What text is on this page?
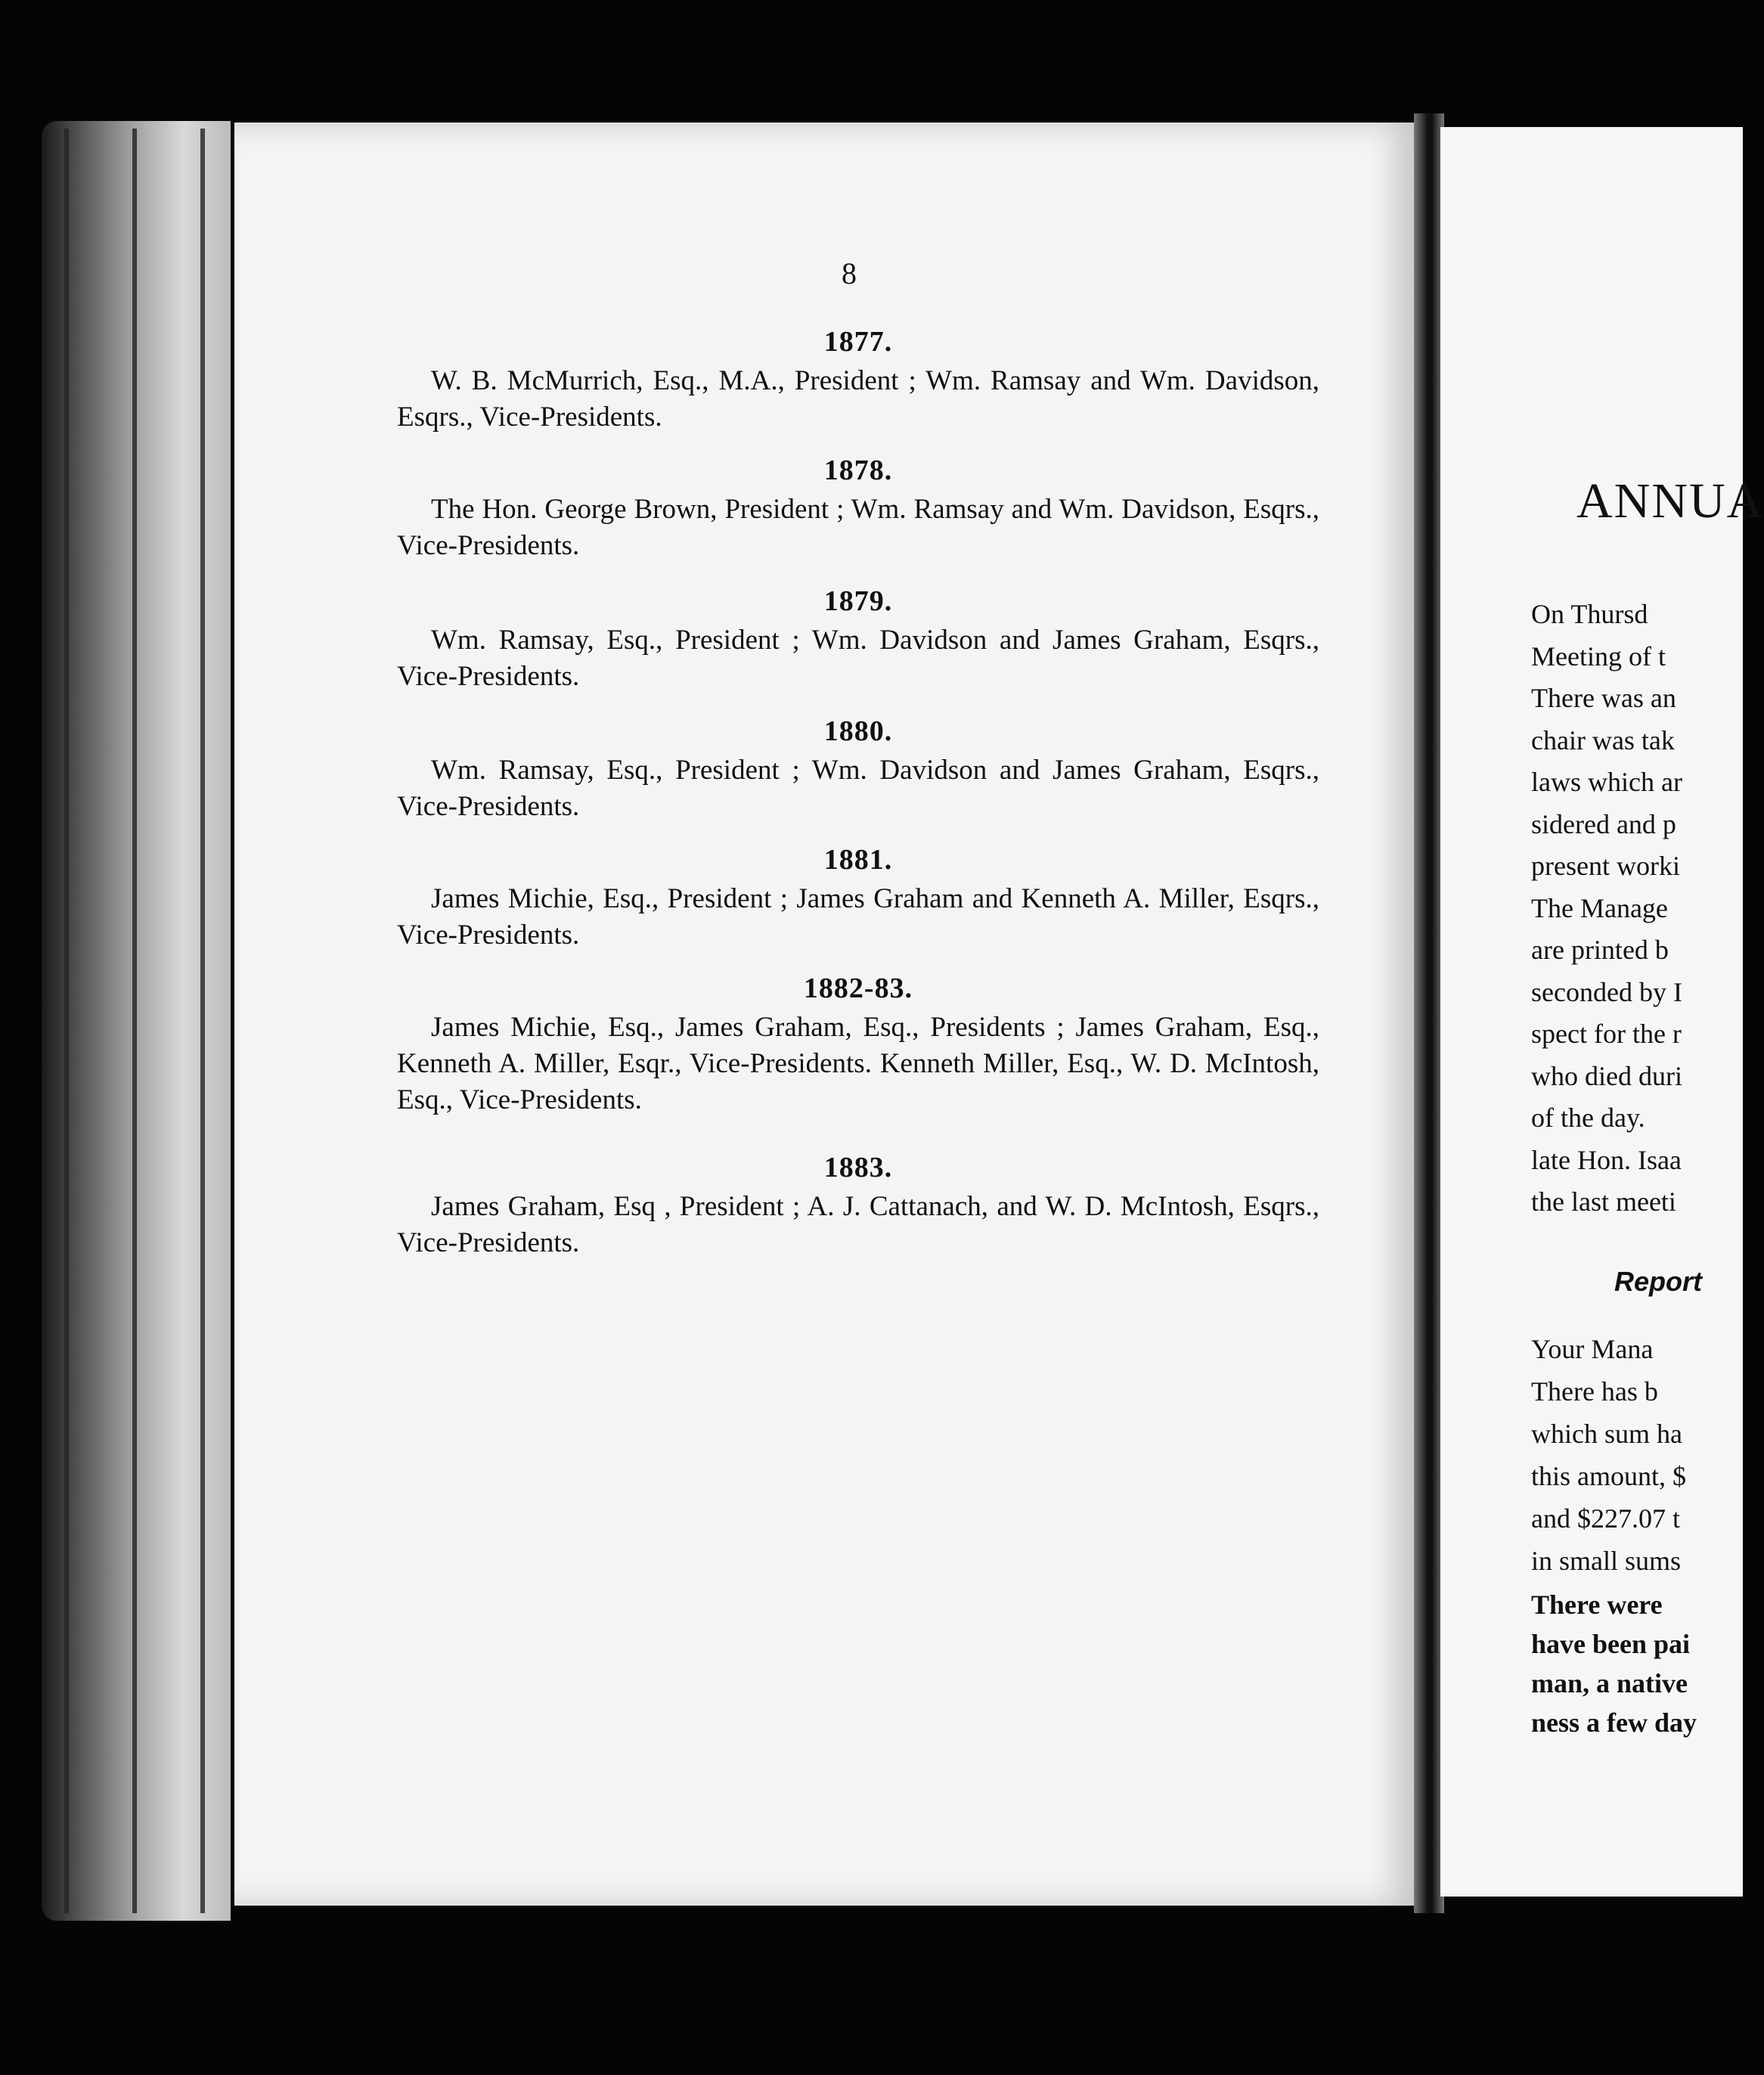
8
1877.

W. B. McMurrich, Esq., M.A., President ; Wm. Ramsay and Wm. Davidson, Esqrs., Vice-Presidents.

1878.

The Hon. George Brown, President ; Wm. Ramsay and Wm. Davidson, Esqrs., Vice-Presidents.

1879.

Wm. Ramsay, Esq., President ; Wm. Davidson and James Graham, Esqrs., Vice-Presidents.

1880.

Wm. Ramsay, Esq., President ; Wm. Davidson and James Graham, Esqrs., Vice-Presidents.

1881.

James Michie, Esq., President ; James Graham and Kenneth A. Miller, Esqrs., Vice-Presidents.

1882-83.

James Michie, Esq., James Graham, Esq., Presidents ; James Graham, Esq., Kenneth A. Miller, Esqr., Vice-Presidents. Kenneth Miller, Esq., W. D. McIntosh, Esq., Vice-Presidents.

1883.

James Graham, Esq , President ; A. J. Cattanach, and W. D. McIntosh, Esqrs., Vice-Presidents.

ANNUA
On Thursd
Meeting of t
There was an
chair was tak
laws which ar
sidered and p
present worki
The Manage
are printed b
seconded by I
spect for the r
who died duri
of the day.
late Hon. Isaa
the last meeti
Report
Your Mana
There has b
which sum ha
this amount, $
and $227.07 t
in small sums
There were
have been pai
man, a native
ness a few day
